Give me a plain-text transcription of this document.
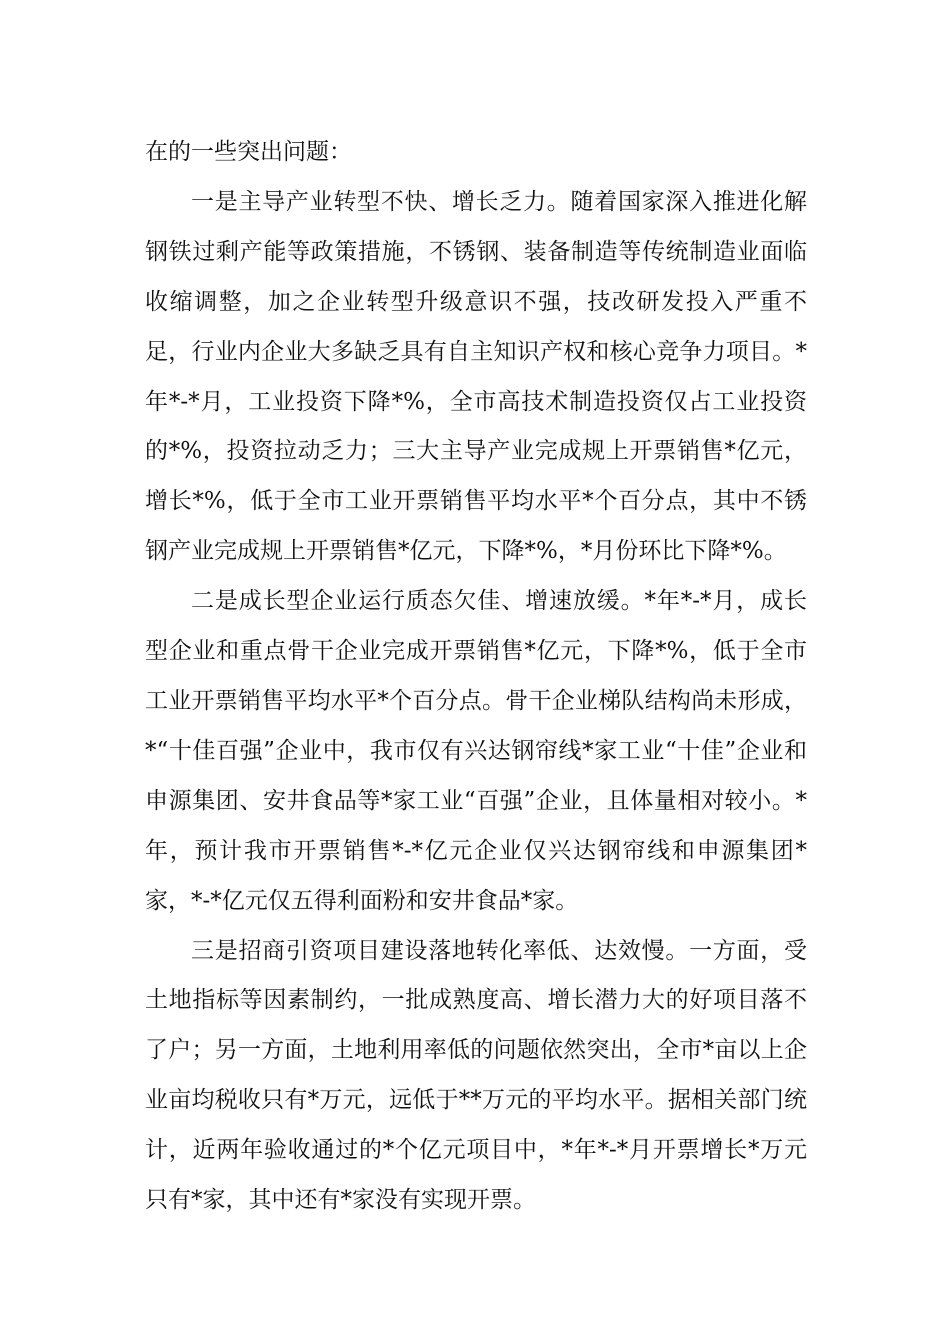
在的一些突出问题：

一是主导产业转型不快、增长乏力。随着国家深入推进化解钢铁过剩产能等政策措施，不锈钢、装备制造等传统制造业面临收缩调整，加之企业转型升级意识不强，技改研发投入严重不足，行业内企业大多缺乏具有自主知识产权和核心竞争力项目。*年*-*月，工业投资下降*%，全市高技术制造投资仅占工业投资的*%，投资拉动乏力；三大主导产业完成规上开票销售*亿元，增长*%，低于全市工业开票销售平均水平*个百分点，其中不锈钢产业完成规上开票销售*亿元，下降*%，*月份环比下降*%。

二是成长型企业运行质态欠佳、增速放缓。*年*-*月，成长型企业和重点骨干企业完成开票销售*亿元，下降*%，低于全市工业开票销售平均水平*个百分点。骨干企业梯队结构尚未形成，*“十佳百强”企业中，我市仅有兴达钢帘线*家工业“十佳”企业和申源集团、安井食品等*家工业“百强”企业，且体量相对较小。*年，预计我市开票销售*-*亿元企业仅兴达钢帘线和申源集团*家，*-*亿元仅五得利面粉和安井食品*家。

三是招商引资项目建设落地转化率低、达效慢。一方面，受土地指标等因素制约，一批成熟度高、增长潜力大的好项目落不了户；另一方面，土地利用率低的问题依然突出，全市*亩以上企业亩均税收只有*万元，远低于**万元的平均水平。据相关部门统计，近两年验收通过的*个亿元项目中，*年*-*月开票增长*万元只有*家，其中还有*家没有实现开票。
